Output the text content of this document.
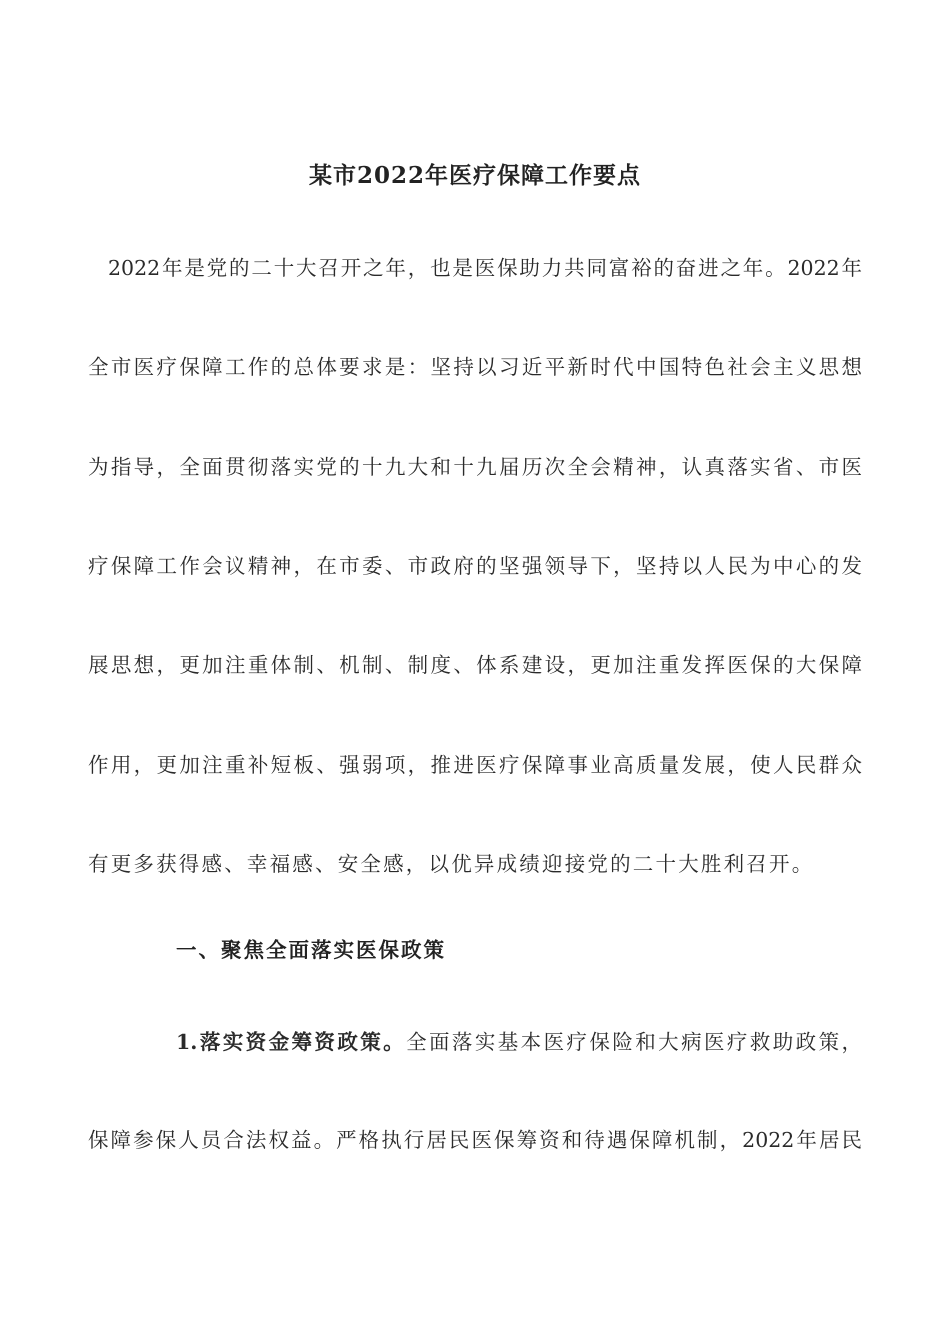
某市2022年医疗保障工作要点
2022年是党的二十大召开之年，也是医保助力共同富裕的奋进之年。2022年
全市医疗保障工作的总体要求是：坚持以习近平新时代中国特色社会主义思想
为指导，全面贯彻落实党的十九大和十九届历次全会精神，认真落实省、市医
疗保障工作会议精神，在市委、市政府的坚强领导下，坚持以人民为中心的发
展思想，更加注重体制、机制、制度、体系建设，更加注重发挥医保的大保障
作用，更加注重补短板、强弱项，推进医疗保障事业高质量发展，使人民群众
有更多获得感、幸福感、安全感，以优异成绩迎接党的二十大胜利召开。
一、聚焦全面落实医保政策
1.落实资金筹资政策。全面落实基本医疗保险和大病医疗救助政策，
保障参保人员合法权益。严格执行居民医保筹资和待遇保障机制，2022年居民
